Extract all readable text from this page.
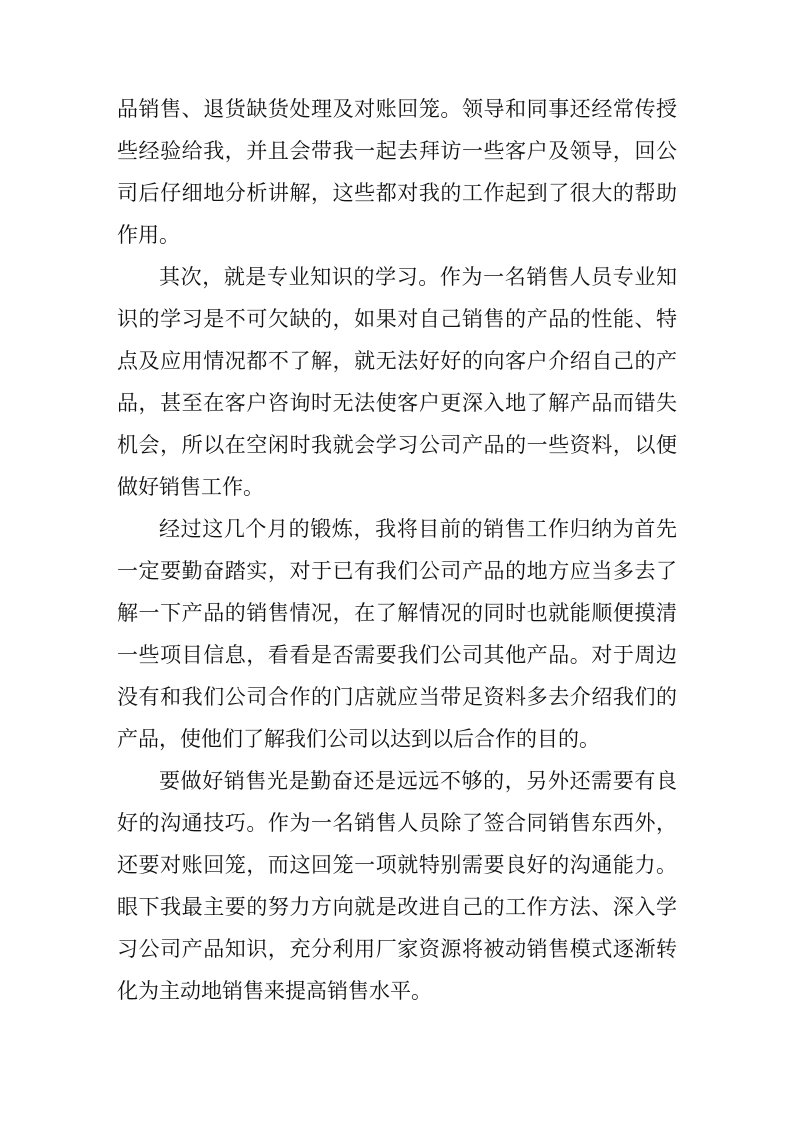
品销售、退货缺货处理及对账回笼。领导和同事还经常传授
些经验给我，并且会带我一起去拜访一些客户及领导，回公
司后仔细地分析讲解，这些都对我的工作起到了很大的帮助
作用。
其次，就是专业知识的学习。作为一名销售人员专业知
识的学习是不可欠缺的，如果对自己销售的产品的性能、特
点及应用情况都不了解，就无法好好的向客户介绍自己的产
品，甚至在客户咨询时无法使客户更深入地了解产品而错失
机会，所以在空闲时我就会学习公司产品的一些资料，以便
做好销售工作。
经过这几个月的锻炼，我将目前的销售工作归纳为首先
一定要勤奋踏实，对于已有我们公司产品的地方应当多去了
解一下产品的销售情况，在了解情况的同时也就能顺便摸清
一些项目信息，看看是否需要我们公司其他产品。对于周边
没有和我们公司合作的门店就应当带足资料多去介绍我们的
产品，使他们了解我们公司以达到以后合作的目的。
要做好销售光是勤奋还是远远不够的，另外还需要有良
好的沟通技巧。作为一名销售人员除了签合同销售东西外，
还要对账回笼，而这回笼一项就特别需要良好的沟通能力。
眼下我最主要的努力方向就是改进自己的工作方法、深入学
习公司产品知识，充分利用厂家资源将被动销售模式逐渐转
化为主动地销售来提高销售水平。
